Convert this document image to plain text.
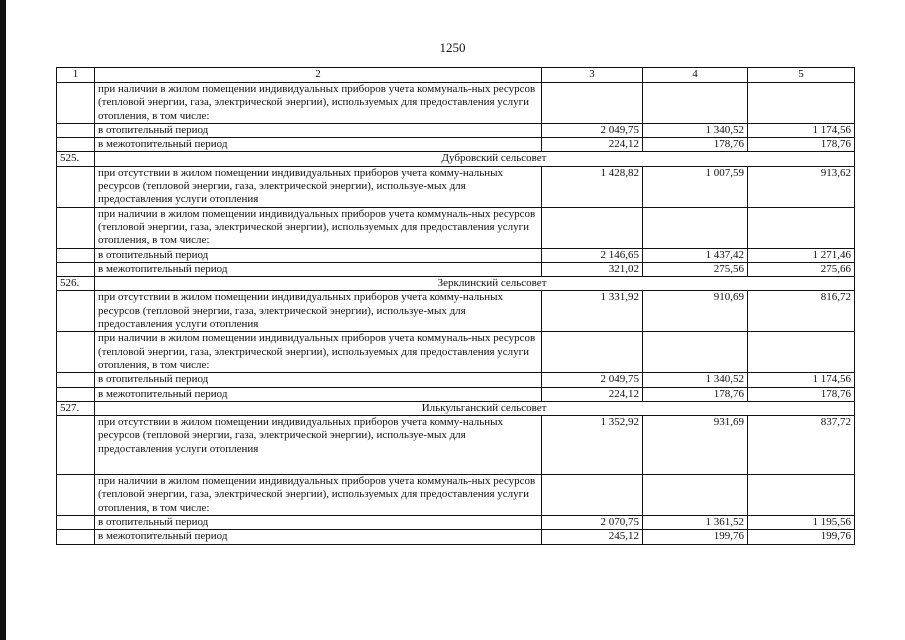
1250
1	2	3	4	5
	при наличии в жилом помещении индивидуальных приборов учета коммуналь-ных ресурсов (тепловой энергии, газа, электрической энергии), используемых для предоставления услуги отопления, в том числе:			
	в отопительный период	2 049,75	1 340,52	1 174,56
	в межотопительный период	224,12	178,76	178,76
525.	Дубровский сельсовет			
	при отсутствии в жилом помещении индивидуальных приборов учета комму-нальных ресурсов (тепловой энергии, газа, электрической энергии), используе-мых для предоставления услуги отопления	1 428,82	1 007,59	913,62
	при наличии в жилом помещении индивидуальных приборов учета коммуналь-ных ресурсов (тепловой энергии, газа, электрической энергии), используемых для предоставления услуги отопления, в том числе:			
	в отопительный период	2 146,65	1 437,42	1 271,46
	в межотопительный период	321,02	275,56	275,66
526.	Зерклинский сельсовет			
	при отсутствии в жилом помещении индивидуальных приборов учета комму-нальных ресурсов (тепловой энергии, газа, электрической энергии), используе-мых для предоставления услуги отопления	1 331,92	910,69	816,72
	при наличии в жилом помещении индивидуальных приборов учета коммуналь-ных ресурсов (тепловой энергии, газа, электрической энергии), используемых для предоставления услуги отопления, в том числе:			
	в отопительный период	2 049,75	1 340,52	1 174,56
	в межотопительный период	224,12	178,76	178,76
527.	Илькульганский сельсовет			
	при отсутствии в жилом помещении индивидуальных приборов учета комму-нальных ресурсов (тепловой энергии, газа, электрической энергии), используе-мых для предоставления услуги отопления	1 352,92	931,69	837,72
	при наличии в жилом помещении индивидуальных приборов учета коммуналь-ных ресурсов (тепловой энергии, газа, электрической энергии), используемых для предоставления услуги отопления, в том числе:			
	в отопительный период	2 070,75	1 361,52	1 195,56
	в межотопительный период	245,12	199,76	199,76
